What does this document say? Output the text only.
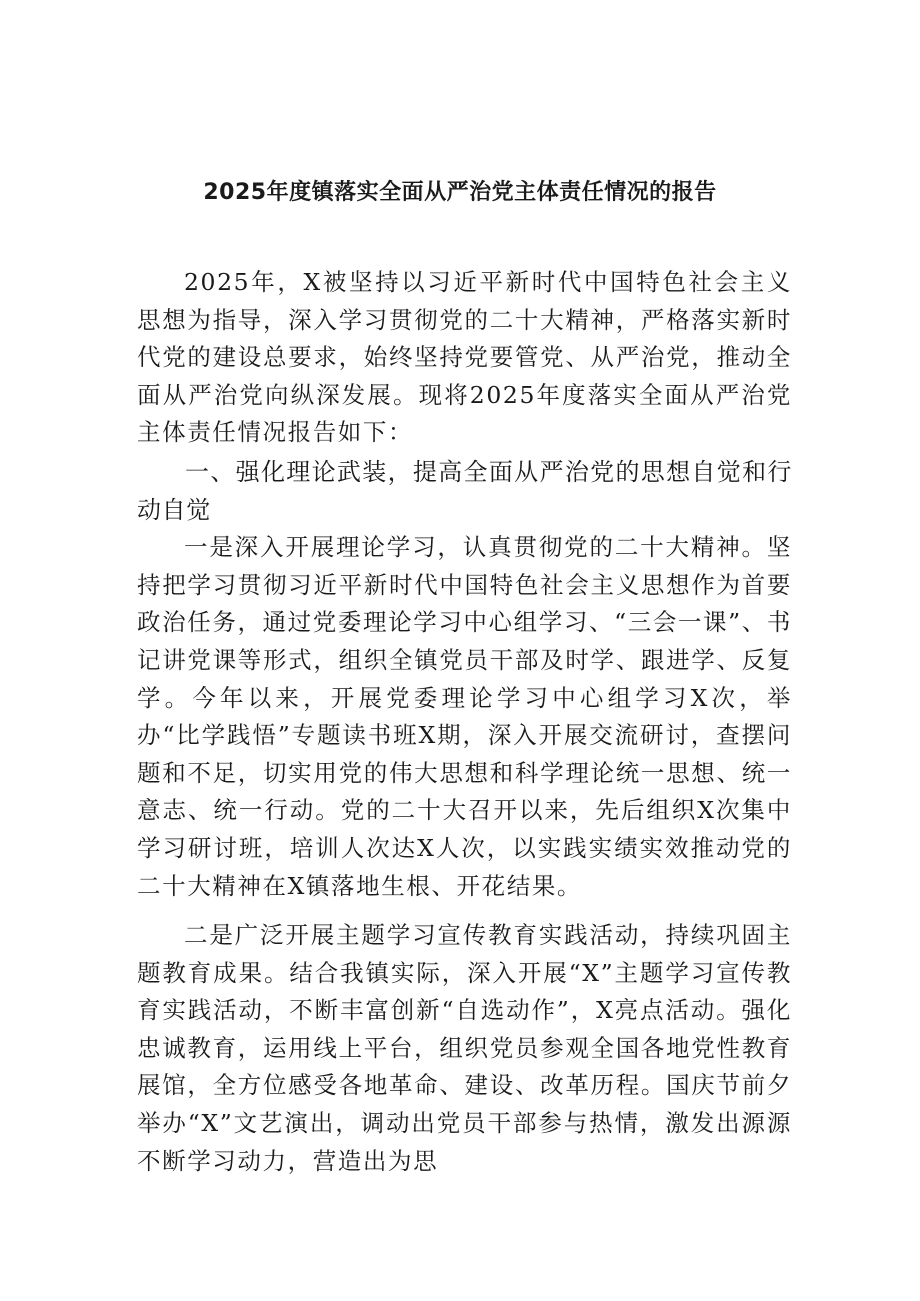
2025年度镇落实全面从严治党主体责任情况的报告

2025年，X被坚持以习近平新时代中国特色社会主义思想为指导，深入学习贯彻党的二十大精神，严格落实新时代党的建设总要求，始终坚持党要管党、从严治党，推动全面从严治党向纵深发展。现将2025年度落实全面从严治党主体责任情况报告如下：

一、强化理论武装，提高全面从严治党的思想自觉和行动自觉

一是深入开展理论学习，认真贯彻党的二十大精神。坚持把学习贯彻习近平新时代中国特色社会主义思想作为首要政治任务，通过党委理论学习中心组学习、“三会一课”、书记讲党课等形式，组织全镇党员干部及时学、跟进学、反复学。今年以来，开展党委理论学习中心组学习X次，举办“比学践悟”专题读书班X期，深入开展交流研讨，查摆问题和不足，切实用党的伟大思想和科学理论统一思想、统一意志、统一行动。党的二十大召开以来，先后组织X次集中学习研讨班，培训人次达X人次，以实践实绩实效推动党的二十大精神在X镇落地生根、开花结果。

二是广泛开展主题学习宣传教育实践活动，持续巩固主题教育成果。结合我镇实际，深入开展“X”主题学习宣传教育实践活动，不断丰富创新“自选动作”，X亮点活动。强化忠诚教育，运用线上平台，组织党员参观全国各地党性教育展馆，全方位感受各地革命、建设、改革历程。国庆节前夕举办“X”文艺演出，调动出党员干部参与热情，激发出源源不断学习动力，营造出为思
